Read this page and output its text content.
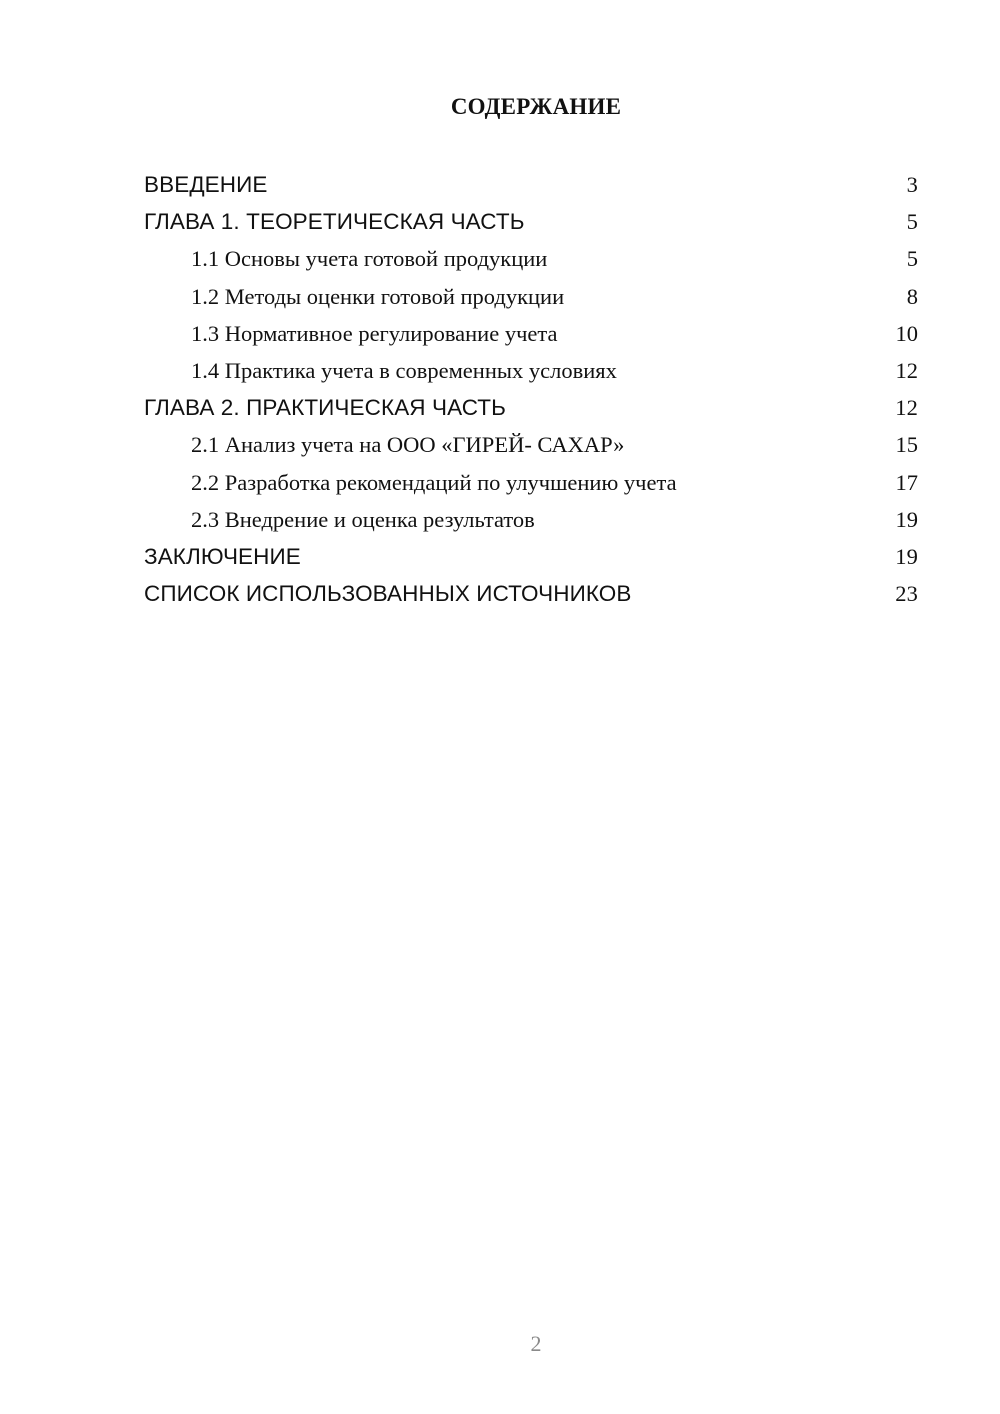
СОДЕРЖАНИЕ
ВВЕДЕНИЕ	3
ГЛАВА 1. ТЕОРЕТИЧЕСКАЯ ЧАСТЬ	5
1.1 Основы учета готовой продукции	5
1.2 Методы оценки готовой продукции	8
1.3 Нормативное регулирование учета	10
1.4 Практика учета в современных условиях	12
ГЛАВА 2. ПРАКТИЧЕСКАЯ ЧАСТЬ	12
2.1 Анализ учета на ООО «ГИРЕЙ- САХАР»	15
2.2 Разработка рекомендаций по улучшению учета	17
2.3 Внедрение и оценка результатов	19
ЗАКЛЮЧЕНИЕ	19
СПИСОК ИСПОЛЬЗОВАННЫХ ИСТОЧНИКОВ	23
2
